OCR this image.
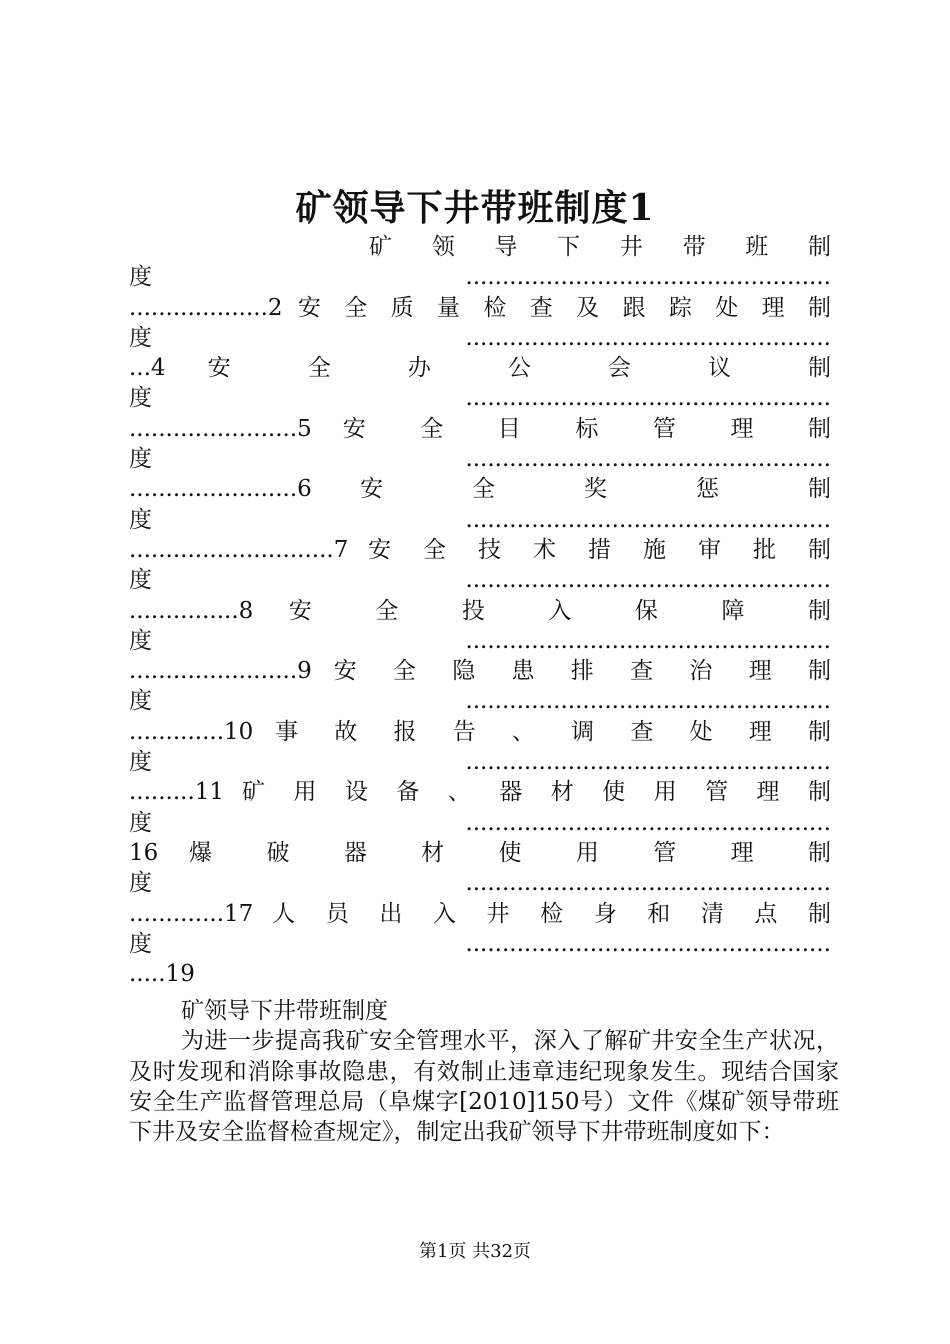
矿领导下井带班制度1
矿 领 导 下 井 带 班 制
度..................................................
...................2 安 全 质 量 检 查 及 跟 踪 处 理 制
度..................................................
...4 安 全 办 公 会 议 制
度..................................................
.......................5 安 全 目 标 管 理 制
度..................................................
.......................6 安 全 奖 惩 制
度..................................................
............................7 安 全 技 术 措 施 审 批 制
度..................................................
...............8 安 全 投 入 保 障 制
度..................................................
.......................9 安 全 隐 患 排 查 治 理 制
度..................................................
.............10 事 故 报 告 、 调 查 处 理 制
度..................................................
.........11 矿 用 设 备 、 器 材 使 用 管 理 制
度..................................................
16 爆 破 器 材 使 用 管 理 制
度..................................................
.............17 人 员 出 入 井 检 身 和 清 点 制
度..................................................
.....19
矿领导下井带班制度
为进一步提高我矿安全管理水平，深入了解矿井安全生产状况，及时发现和消除事故隐患，有效制止违章违纪现象发生。现结合国家安全生产监督管理总局（阜煤字[2010]150号）文件《煤矿领导带班下井及安全监督检查规定》，制定出我矿领导下井带班制度如下：
第1页 共32页
